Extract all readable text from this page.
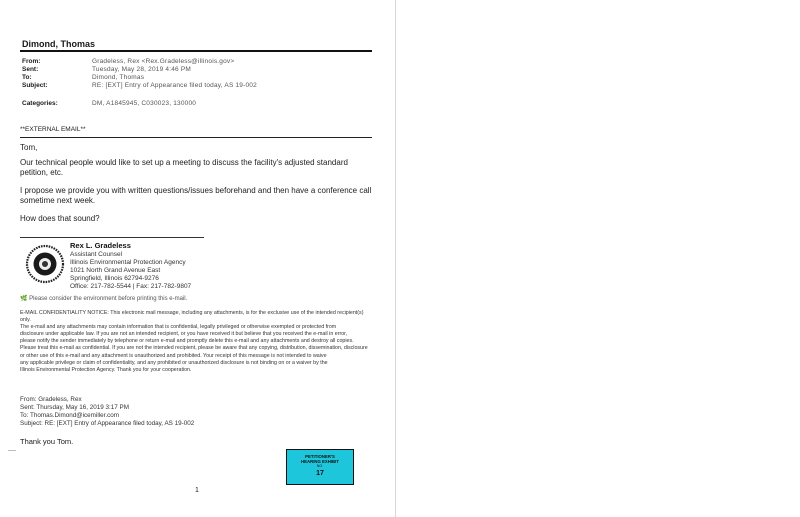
Dimond, Thomas
From:	Gradeless, Rex <Rex.Gradeless@illinois.gov>
Sent:	Tuesday, May 28, 2019 4:46 PM
To:	Dimond, Thomas
Subject:	RE: [EXT] Entry of Appearance filed today, AS 19-002
Categories:	DM, A1845945, C030023, 130000
**EXTERNAL EMAIL**
Tom,
Our technical people would like to set up a meeting to discuss the facility's adjusted standard petition, etc.
I propose we provide you with written questions/issues beforehand and then have a conference call sometime next week.
How does that sound?
Rex L. Gradeless
Assistant Counsel
Illinois Environmental Protection Agency
1021 North Grand Avenue East
Springfield, Illinois 62794-9276
Office: 217-782-5544 | Fax: 217-782-9807
🌿 Please consider the environment before printing this e-mail.
E-MAIL CONFIDENTIALITY NOTICE: This electronic mail message, including any attachments, is for the exclusive use of the intended recipient(s) only.
The e-mail and any attachments may contain information that is confidential, legally privileged or otherwise exempted or protected from
disclosure under applicable law. If you are not an intended recipient, or you have received it but believe that you received the e-mail in error,
please notify the sender immediately by telephone or return e-mail and promptly delete this e-mail and any attachments and destroy all copies.
Please treat this e-mail as confidential. If you are not the intended recipient, please be aware that any copying, distribution, dissemination, disclosure
or other use of this e-mail and any attachment is unauthorized and prohibited. Your receipt of this message is not intended to waive
any applicable privilege or claim of confidentiality, and any prohibited or unauthorized disclosure is not binding on or a waiver by the
Illinois Environmental Protection Agency. Thank you for your cooperation.
From: Gradeless, Rex
Sent: Thursday, May 16, 2019 3:17 PM
To: Thomas.Dimond@icemiller.com
Subject: RE: [EXT] Entry of Appearance filed today, AS 19-002
Thank you Tom.
PETITIONER'S
HEARING EXHIBIT
NO.
17
1
